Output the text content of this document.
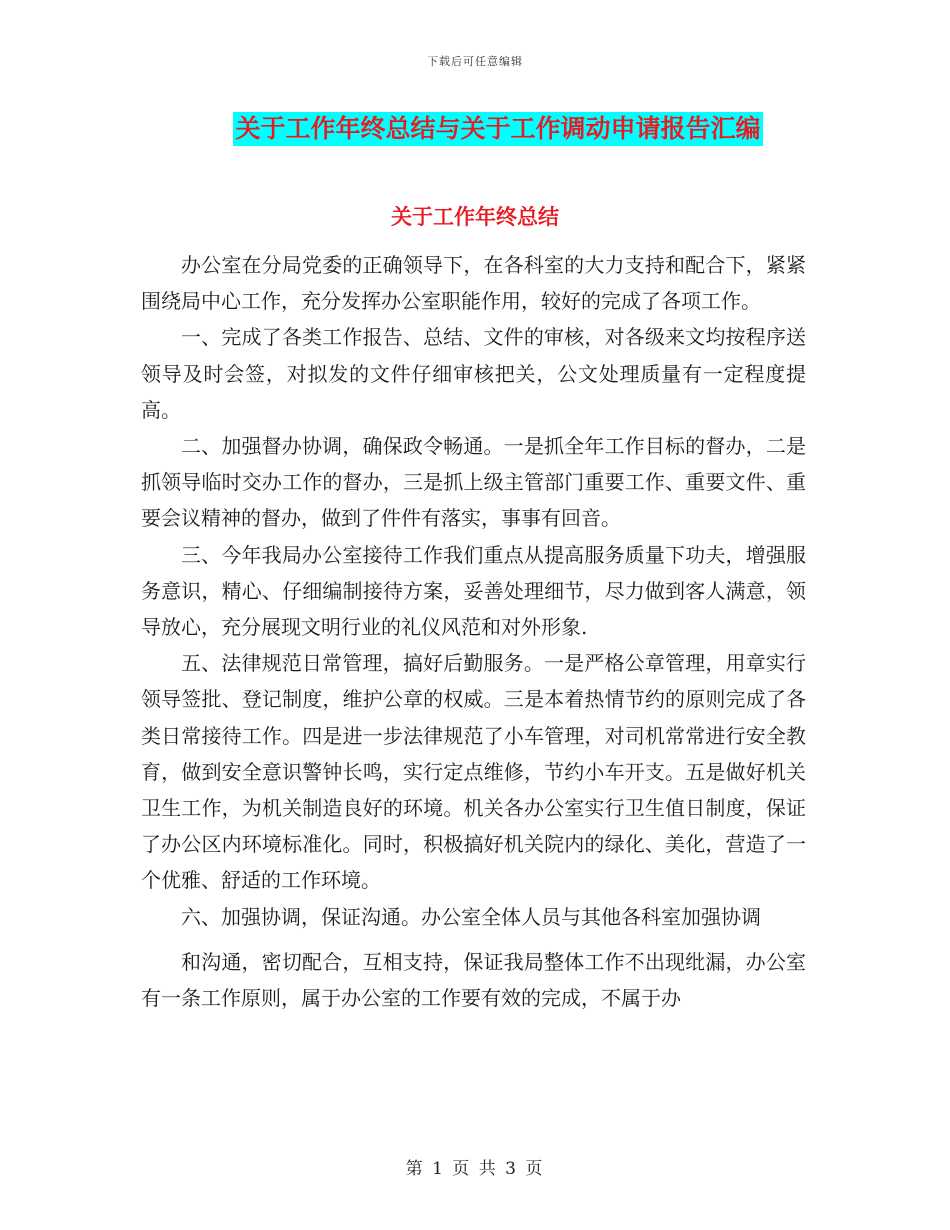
下载后可任意编辑
关于工作年终总结与关于工作调动申请报告汇编
关于工作年终总结

办公室在分局党委的正确领导下，在各科室的大力支持和配合下，紧紧围绕局中心工作，充分发挥办公室职能作用，较好的完成了各项工作。

一、完成了各类工作报告、总结、文件的审核，对各级来文均按程序送领导及时会签，对拟发的文件仔细审核把关，公文处理质量有一定程度提高。

二、加强督办协调，确保政令畅通。一是抓全年工作目标的督办，二是抓领导临时交办工作的督办，三是抓上级主管部门重要工作、重要文件、重要会议精神的督办，做到了件件有落实，事事有回音。

三、今年我局办公室接待工作我们重点从提高服务质量下功夫，增强服务意识，精心、仔细编制接待方案，妥善处理细节，尽力做到客人满意，领导放心，充分展现文明行业的礼仪风范和对外形象.

五、法律规范日常管理，搞好后勤服务。一是严格公章管理，用章实行领导签批、登记制度，维护公章的权威。三是本着热情节约的原则完成了各类日常接待工作。四是进一步法律规范了小车管理，对司机常常进行安全教育，做到安全意识警钟长鸣，实行定点维修，节约小车开支。五是做好机关卫生工作，为机关制造良好的环境。机关各办公室实行卫生值日制度，保证了办公区内环境标准化。同时，积极搞好机关院内的绿化、美化，营造了一个优雅、舒适的工作环境。

六、加强协调，保证沟通。办公室全体人员与其他各科室加强协调

和沟通，密切配合，互相支持，保证我局整体工作不出现纰漏，办公室有一条工作原则，属于办公室的工作要有效的完成，不属于办

第 1 页 共 3 页
